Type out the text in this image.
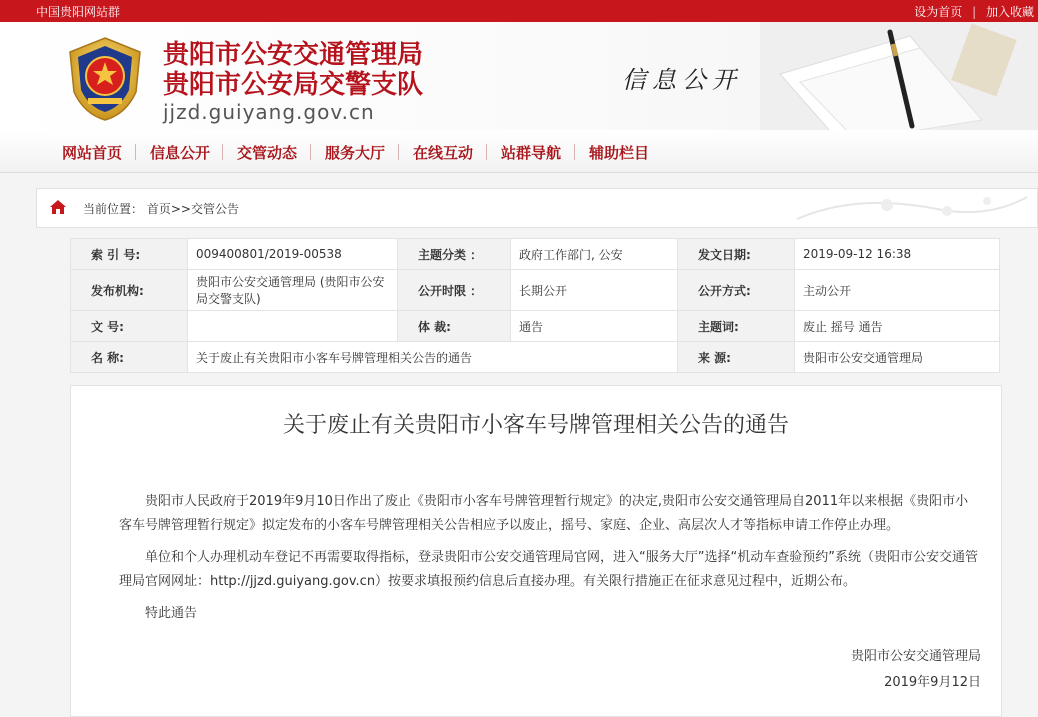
中国贵阳网站群	设为首页 | 加入收藏
贵阳市公安交通管理局
贵阳市公安局交警支队
jjzd.guiyang.gov.cn
信息公开
网站首页 信息公开 交管动态 服务大厅 在线互动 站群导航 辅助栏目
当前位置： 首页>>交管公告
索 引 号:	009400801/2019-00538	主题分类 ：	政府工作部门, 公安	发文日期:	2019-09-12 16:38
发布机构:	贵阳市公安交通管理局 (贵阳市公安局交警支队)	公开时限 ：	长期公开	公开方式:	主动公开
文 号:		体 裁:	通告	主题词:	废止 摇号 通告
名 称:	关于废止有关贵阳市小客车号牌管理相关公告的通告			来 源:	贵阳市公安交通管理局
关于废止有关贵阳市小客车号牌管理相关公告的通告

贵阳市人民政府于2019年9月10日作出了废止《贵阳市小客车号牌管理暂行规定》的决定,贵阳市公安交通管理局自2011年以来根据《贵阳市小客车号牌管理暂行规定》拟定发布的小客车号牌管理相关公告相应予以废止，摇号、家庭、企业、高层次人才等指标申请工作停止办理。

单位和个人办理机动车登记不再需要取得指标，登录贵阳市公安交通管理局官网，进入“服务大厅”选择“机动车查验预约”系统（贵阳市公安交通管理局官网网址：http://jjzd.guiyang.gov.cn）按要求填报预约信息后直接办理。有关限行措施正在征求意见过程中，近期公布。

特此通告

贵阳市公安交通管理局
2019年9月12日
